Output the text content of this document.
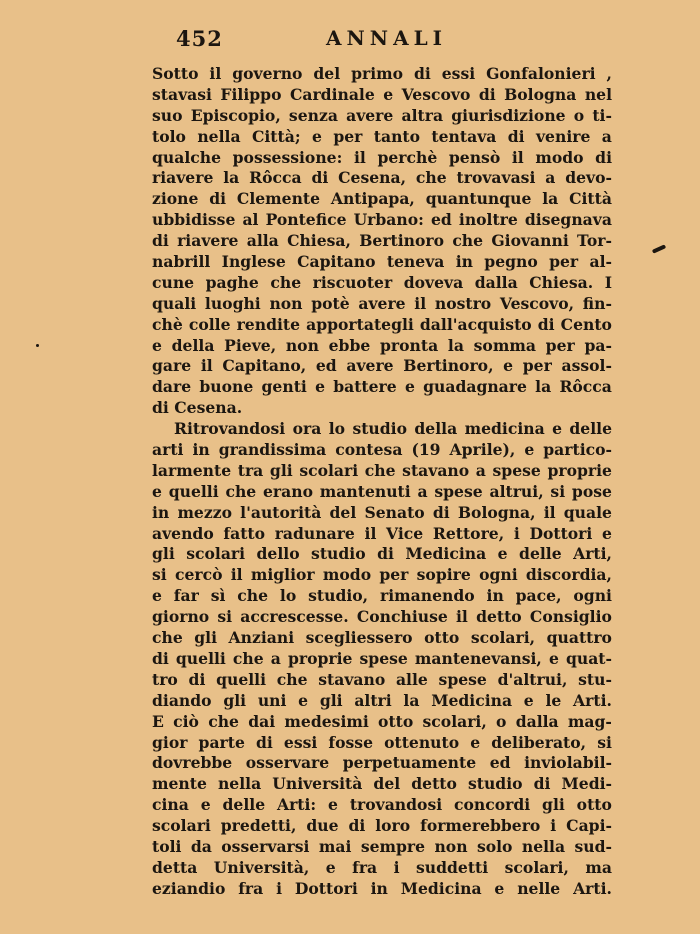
452	ANNALI
Sotto il governo del primo di essi Gonfalonieri ,
stavasi Filippo Cardinale e Vescovo di Bologna nel
suo Episcopio, senza avere altra giurisdizione o ti-
tolo nella Città; e per tanto tentava di venire a
qualche possessione: il perchè pensò il modo di
riavere la Rôcca di Cesena, che trovavasi a devo-
zione di Clemente Antipapa, quantunque la Città
ubbidisse al Pontefice Urbano: ed inoltre disegnava
di riavere alla Chiesa, Bertinoro che Giovanni Tor-
nabrill Inglese Capitano teneva in pegno per al-
cune paghe che riscuoter doveva dalla Chiesa. I
quali luoghi non potè avere il nostro Vescovo, fin-
chè colle rendite apportategli dall'acquisto di Cento
e della Pieve, non ebbe pronta la somma per pa-
gare il Capitano, ed avere Bertinoro, e per assol-
dare buone genti e battere e guadagnare la Rôcca
di Cesena.
Ritrovandosi ora lo studio della medicina e delle
arti in grandissima contesa (19 Aprile), e partico-
larmente tra gli scolari che stavano a spese proprie
e quelli che erano mantenuti a spese altrui, si pose
in mezzo l'autorità del Senato di Bologna, il quale
avendo fatto radunare il Vice Rettore, i Dottori e
gli scolari dello studio di Medicina e delle Arti,
si cercò il miglior modo per sopire ogni discordia,
e far sì che lo studio, rimanendo in pace, ogni
giorno si accrescesse. Conchiuse il detto Consiglio
che gli Anziani scegliessero otto scolari, quattro
di quelli che a proprie spese mantenevansi, e quat-
tro di quelli che stavano alle spese d'altrui, stu-
diando gli uni e gli altri la Medicina e le Arti.
E ciò che dai medesimi otto scolari, o dalla mag-
gior parte di essi fosse ottenuto e deliberato, si
dovrebbe osservare perpetuamente ed inviolabil-
mente nella Università del detto studio di Medi-
cina e delle Arti: e trovandosi concordi gli otto
scolari predetti, due di loro formerebbero i Capi-
toli da osservarsi mai sempre non solo nella sud-
detta Università, e fra i suddetti scolari, ma
eziandio fra i Dottori in Medicina e nelle Arti.
